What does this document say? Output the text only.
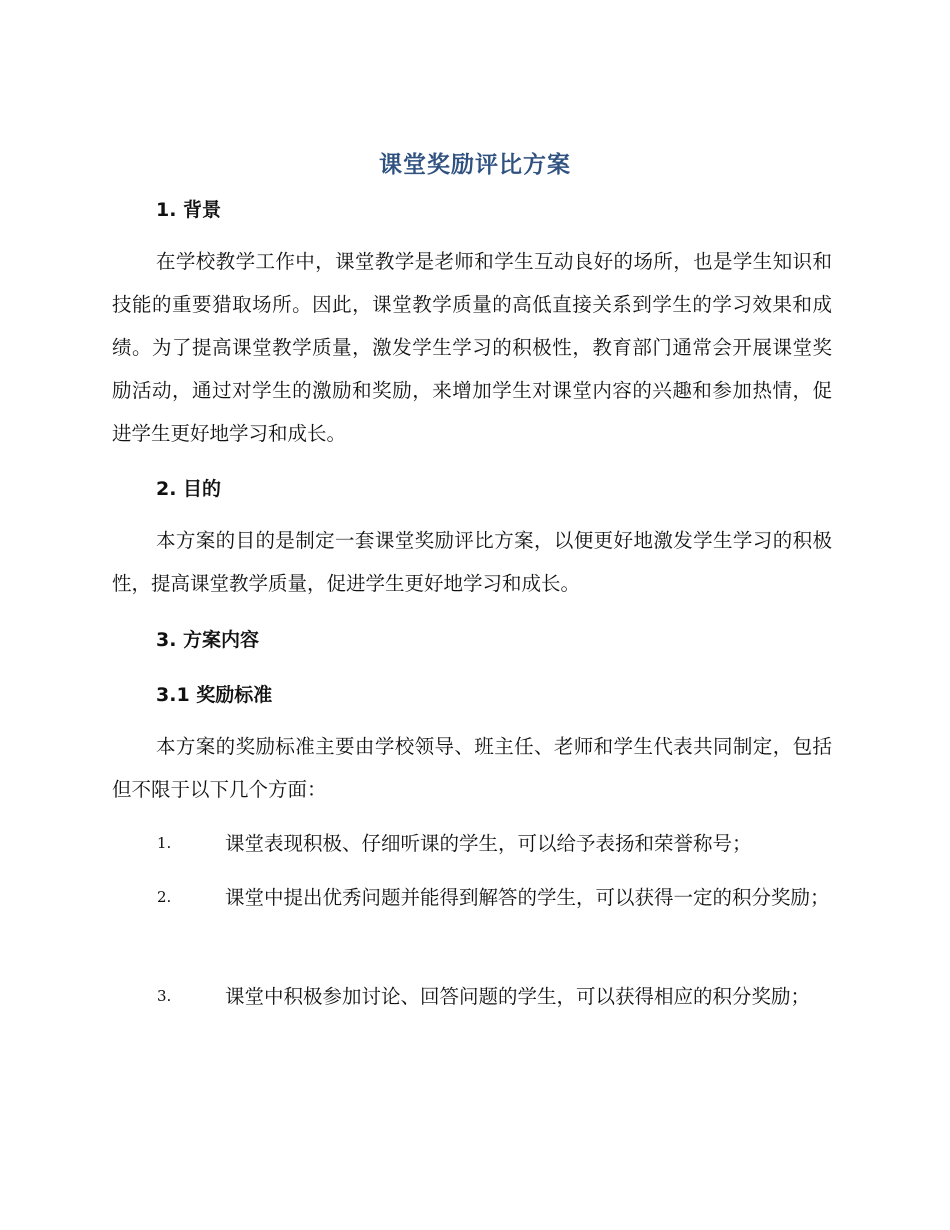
课堂奖励评比方案
1. 背景
在学校教学工作中，课堂教学是老师和学生互动良好的场所，也是学生知识和技能的重要猎取场所。因此，课堂教学质量的高低直接关系到学生的学习效果和成绩。为了提高课堂教学质量，激发学生学习的积极性，教育部门通常会开展课堂奖励活动，通过对学生的激励和奖励，来增加学生对课堂内容的兴趣和参加热情，促进学生更好地学习和成长。
2. 目的
本方案的目的是制定一套课堂奖励评比方案，以便更好地激发学生学习的积极性，提高课堂教学质量，促进学生更好地学习和成长。
3. 方案内容
3.1 奖励标准
本方案的奖励标准主要由学校领导、班主任、老师和学生代表共同制定，包括但不限于以下几个方面：
1.	课堂表现积极、仔细听课的学生，可以给予表扬和荣誉称号；
2.	课堂中提出优秀问题并能得到解答的学生，可以获得一定的积分奖励；
3.	课堂中积极参加讨论、回答问题的学生，可以获得相应的积分奖励；
